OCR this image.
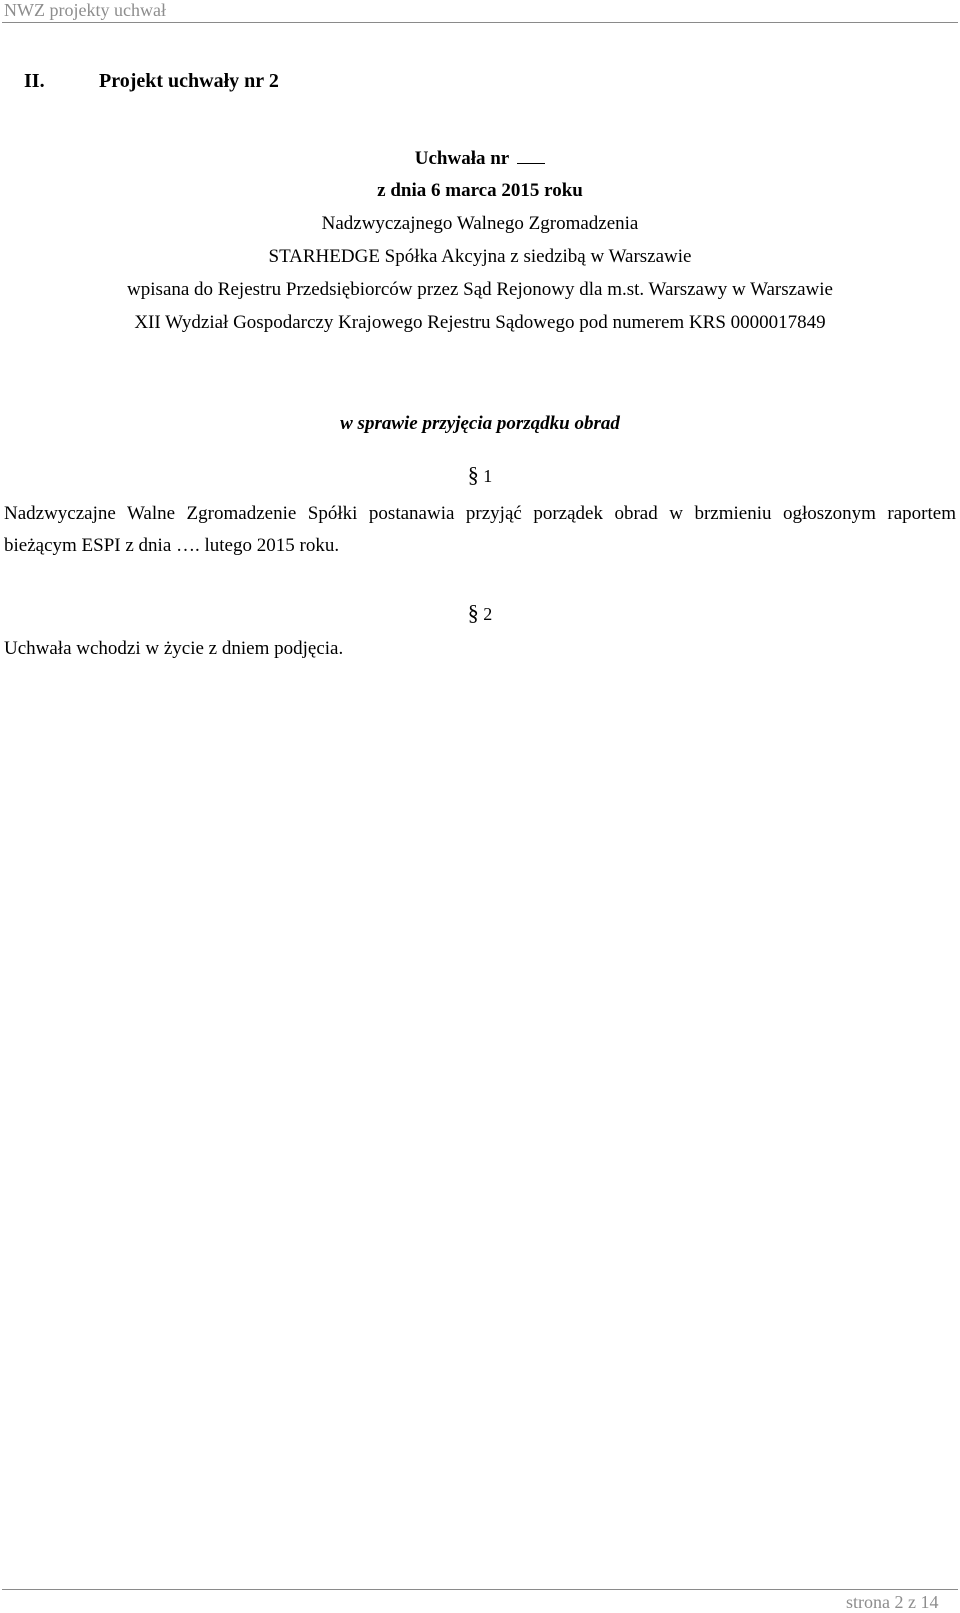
NWZ projekty uchwał
II.	Projekt uchwały nr 2
Uchwała nr
z dnia 6 marca 2015 roku
Nadzwyczajnego Walnego Zgromadzenia
STARHEDGE Spółka Akcyjna z siedzibą w Warszawie
wpisana do Rejestru Przedsiębiorców przez Sąd Rejonowy dla m.st. Warszawy w Warszawie
XII Wydział Gospodarczy Krajowego Rejestru Sądowego pod numerem KRS 0000017849
w sprawie przyjęcia porządku obrad
§ 1
Nadzwyczajne Walne Zgromadzenie Spółki postanawia przyjąć porządek obrad w brzmieniu ogłoszonym raportem bieżącym ESPI z dnia …. lutego 2015 roku.
§ 2
Uchwała wchodzi w życie z dniem podjęcia.
strona 2 z 14
